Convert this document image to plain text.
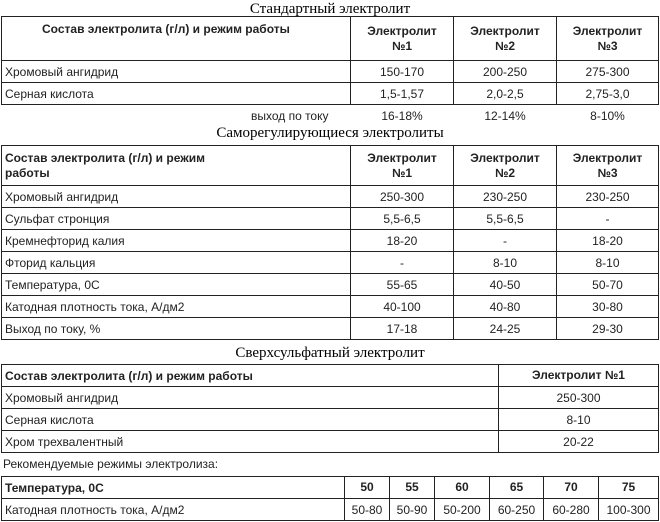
Стандартный электролит
Состав электролита (г/л) и режим работы	Электролит №1	Электролит №2	Электролит №3

Хромовый ангидрид	150-170	200-250	275-300
Серная кислота	1,5-1,57	2,0-2,5	2,75-3,0
выход по току	16-18%	12-14%	8-10%
Саморегулирующиеся электролиты
Состав электролита (г/л) и режим работы	Электролит №1	Электролит №2	Электролит №3

Хромовый ангидрид	250-300	230-250	230-250
Сульфат стронция	5,5-6,5	5,5-6,5	-
Кремнефторид калия	18-20	-	18-20
Фторид кальция	-	8-10	8-10
Температура, 0С	55-65	40-50	50-70
Катодная плотность тока, А/дм2	40-100	40-80	30-80
Выход по току, %	17-18	24-25	29-30
Сверхсульфатный электролит
Состав электролита (г/л) и режим работы	Электролит №1
Хромовый ангидрид	250-300
Серная кислота	8-10
Хром трехвалентный	20-22
Рекомендуемые режимы электролиза:
Температура, 0С	50	55	60	65	70	75
Катодная плотность тока, А/дм2	50-80	50-90	50-200	60-250	60-280	100-300
